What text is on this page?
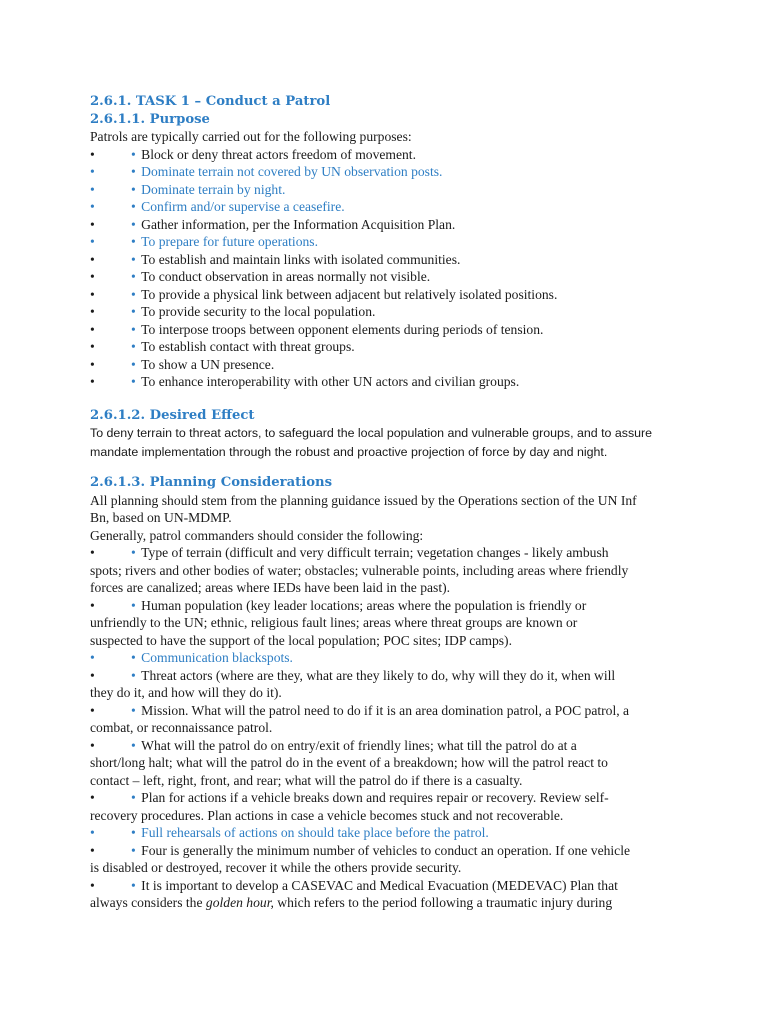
2.6.1. TASK 1 – Conduct a Patrol
2.6.1.1. Purpose
Patrols are typically carried out for the following purposes:
•	•
Block or deny threat actors freedom of movement.
•	•
Dominate terrain not covered by UN observation posts.
•	•
Dominate terrain by night.
•	•
Confirm and/or supervise a ceasefire.
•	•
Gather information, per the Information Acquisition Plan.
•	•
To prepare for future operations.
•	•
To establish and maintain links with isolated communities.
•	•
To conduct observation in areas normally not visible.
•	•
To provide a physical link between adjacent but relatively isolated positions.
•	•
To provide security to the local population.
•	•
To interpose troops between opponent elements during periods of tension.
•	•
To establish contact with threat groups.
•	•
To show a UN presence.
•	•
To enhance interoperability with other UN actors and civilian groups.
2.6.1.2. Desired Effect
To deny terrain to threat actors, to safeguard the local population and vulnerable groups, and to assure
mandate implementation through the robust and proactive projection of force by day and night.
2.6.1.3. Planning Considerations
All planning should stem from the planning guidance issued by the Operations section of the UN Inf
Bn, based on UN-MDMP.
Generally, patrol commanders should consider the following:
•	• Type of terrain (difficult and very difficult terrain; vegetation changes - likely ambush
spots; rivers and other bodies of water; obstacles; vulnerable points, including areas where friendly
forces are canalized; areas where IEDs have been laid in the past).
•	• Human population (key leader locations; areas where the population is friendly or
unfriendly to the UN; ethnic, religious fault lines; areas where threat groups are known or
suspected to have the support of the local population; POC sites; IDP camps).
•	• Communication blackspots.
•	• Threat actors (where are they, what are they likely to do, why will they do it, when will
they do it, and how will they do it).
•	• Mission. What will the patrol need to do if it is an area domination patrol, a POC patrol, a
combat, or reconnaissance patrol.
•	• What will the patrol do on entry/exit of friendly lines; what till the patrol do at a
short/long halt; what will the patrol do in the event of a breakdown; how will the patrol react to
contact – left, right, front, and rear; what will the patrol do if there is a casualty.
•	• Plan for actions if a vehicle breaks down and requires repair or recovery. Review self-
recovery procedures. Plan actions in case a vehicle becomes stuck and not recoverable.
•	• Full rehearsals of actions on should take place before the patrol.
•	• Four is generally the minimum number of vehicles to conduct an operation. If one vehicle
is disabled or destroyed, recover it while the others provide security.
•	• It is important to develop a CASEVAC and Medical Evacuation (MEDEVAC) Plan that
always considers the golden hour, which refers to the period following a traumatic injury during
